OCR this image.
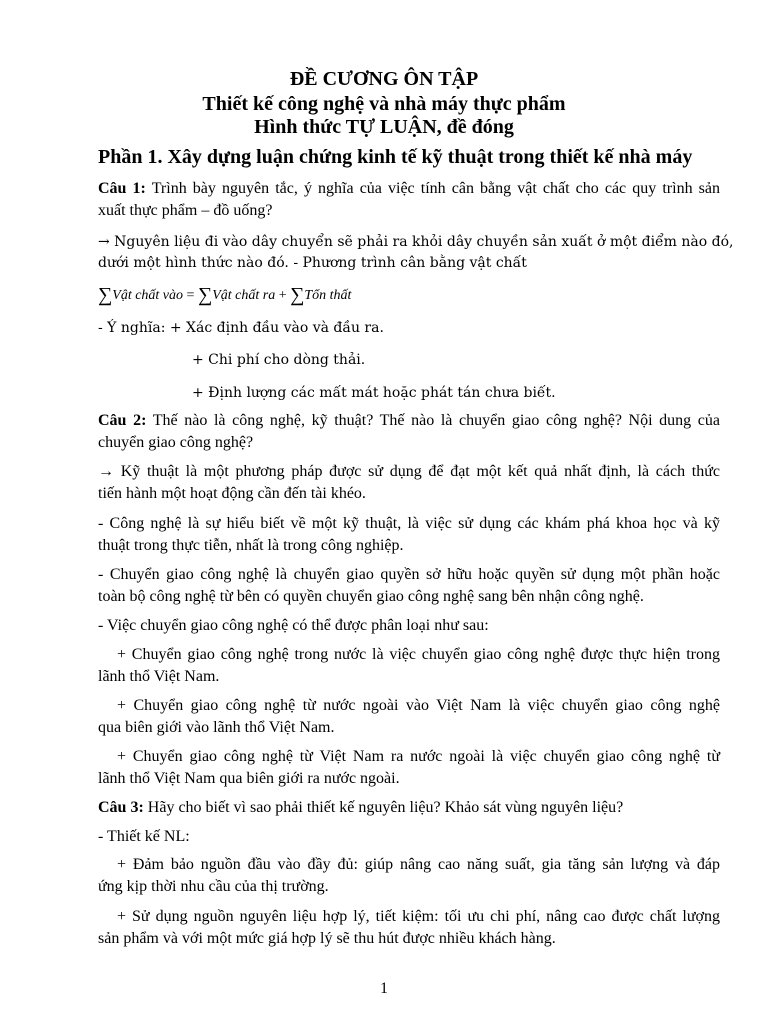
ĐỀ CƯƠNG ÔN TẬP
Thiết kế công nghệ và nhà máy thực phẩm
Hình thức TỰ LUẬN, đề đóng
Phần 1. Xây dựng luận chứng kinh tế kỹ thuật trong thiết kế nhà máy
Câu 1: Trình bày nguyên tắc, ý nghĩa của việc tính cân bằng vật chất cho các quy trình sản
xuất thực phẩm – đồ uống?
→ Nguyên liệu đi vào dây chuyển sẽ phải ra khỏi dây chuyền sản xuất ở một điểm nào đó,
dưới một hình thức nào đó. - Phương trình cân bằng vật chất
∑Vật chất vào = ∑Vật chất ra + ∑Tổn thất
- Ý nghĩa: + Xác định đầu vào và đầu ra.
+ Chi phí cho dòng thải.
+ Định lượng các mất mát hoặc phát tán chưa biết.
Câu 2: Thế nào là công nghệ, kỹ thuật? Thế nào là chuyển giao công nghệ? Nội dung của
chuyển giao công nghệ?
→ Kỹ thuật là một phương pháp được sử dụng để đạt một kết quả nhất định, là cách thức
tiến hành một hoạt động cần đến tài khéo.
- Công nghệ là sự hiểu biết về một kỹ thuật, là việc sử dụng các khám phá khoa học và kỹ
thuật trong thực tiễn, nhất là trong công nghiệp.
- Chuyển giao công nghệ là chuyển giao quyền sở hữu hoặc quyền sử dụng một phần hoặc
toàn bộ công nghệ từ bên có quyền chuyển giao công nghệ sang bên nhận công nghệ.
- Việc chuyển giao công nghệ có thể được phân loại như sau:
+ Chuyển giao công nghệ trong nước là việc chuyển giao công nghệ được thực hiện trong
lãnh thổ Việt Nam.
+ Chuyển giao công nghệ từ nước ngoài vào Việt Nam là việc chuyển giao công nghệ
qua biên giới vào lãnh thổ Việt Nam.
+ Chuyển giao công nghệ từ Việt Nam ra nước ngoài là việc chuyển giao công nghệ từ
lãnh thổ Việt Nam qua biên giới ra nước ngoài.
Câu 3: Hãy cho biết vì sao phải thiết kế nguyên liệu? Khảo sát vùng nguyên liệu?
- Thiết kế NL:
+ Đảm bảo nguồn đầu vào đầy đủ: giúp nâng cao năng suất, gia tăng sản lượng và đáp
ứng kịp thời nhu cầu của thị trường.
+ Sử dụng nguồn nguyên liệu hợp lý, tiết kiệm: tối ưu chi phí, nâng cao được chất lượng
sản phẩm và với một mức giá hợp lý sẽ thu hút được nhiều khách hàng.
1
